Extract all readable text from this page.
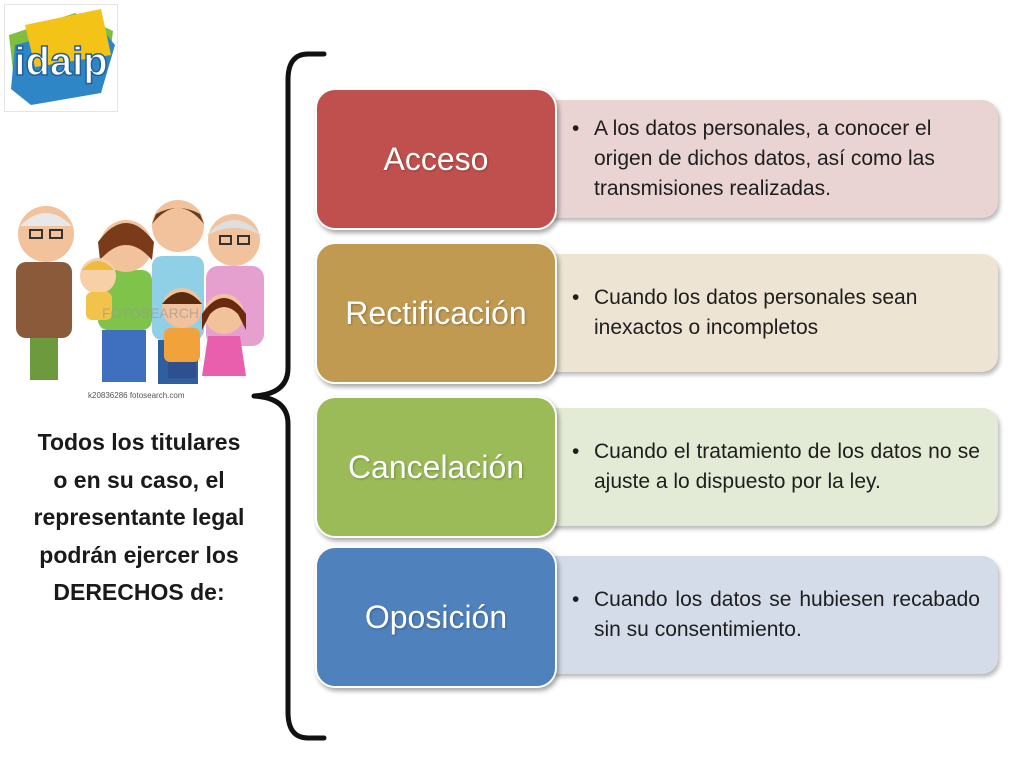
idaip
FOTOSEARCH
k20836286 fotosearch.com
Todos los titulares
o en su caso, el
representante legal
podrán ejercer los
DERECHOS de:
• A los datos personales, a conocer el origen de dichos datos, así como las transmisiones realizadas.
Acceso
• Cuando los datos personales sean inexactos o incompletos
Rectificación
• Cuando el tratamiento de los datos no se ajuste a lo dispuesto por la ley.
Cancelación
• Cuando los datos se hubiesen recabado sin su consentimiento.
Oposición
